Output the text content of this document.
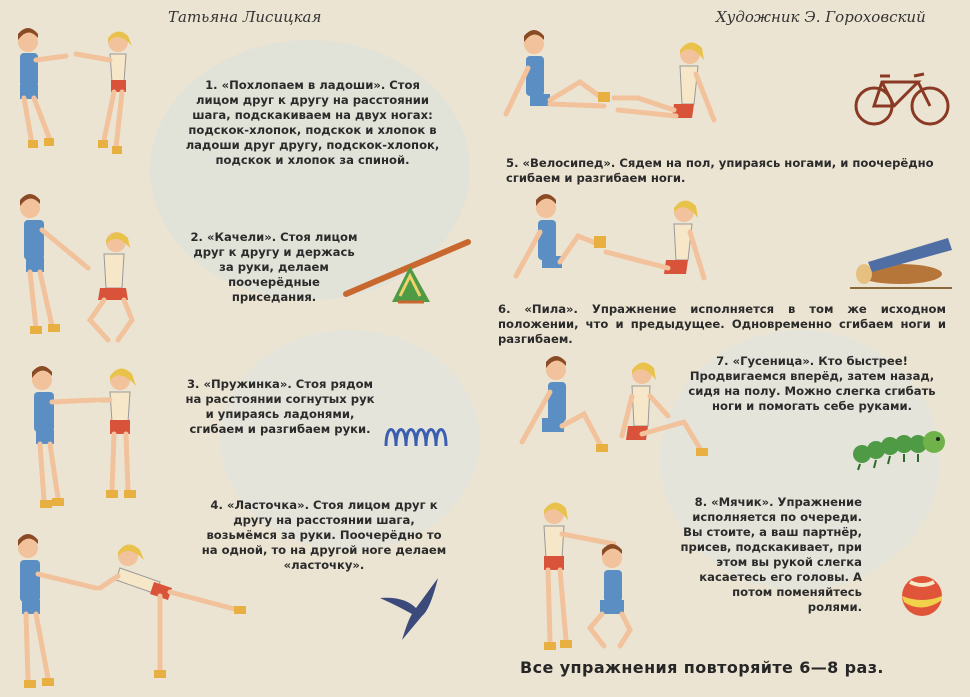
Татьяна Лисицкая	Художник Э. Гороховский
1. «Похлопаем в ладоши». Стоя лицом друг к другу на расстоянии шага, подскакиваем на двух ногах: подскок-хлопок, подскок и хлопок в ладоши друг другу, подскок-хлопок, подскок и хлопок за спиной.
2. «Качели». Стоя лицом друг к другу и держась за руки, делаем поочерёдные приседания.
3. «Пружинка». Стоя рядом на расстоянии согнутых рук и упираясь ладонями, сгибаем и разгибаем руки.
4. «Ласточка». Стоя лицом друг к другу на расстоянии шага, возьмёмся за руки. Поочерёдно то на одной, то на другой ноге делаем «ласточку».
5. «Велосипед». Сядем на пол, упираясь ногами, и поочерёдно сгибаем и разгибаем ноги.
6. «Пила». Упражнение исполняется в том же исходном положении, что и предыдущее. Одновременно сгибаем ноги и разгибаем.
7. «Гусеница». Кто быстрее! Продвигаемся вперёд, затем назад, сидя на полу. Можно слегка сгибать ноги и помогать себе руками.
8. «Мячик». Упражнение исполняется по очереди. Вы стоите, а ваш партнёр, присев, подскакивает, при этом вы рукой слегка касаетесь его головы. А потом поменяйтесь ролями.
Все упражнения повторяйте 6—8 раз.
